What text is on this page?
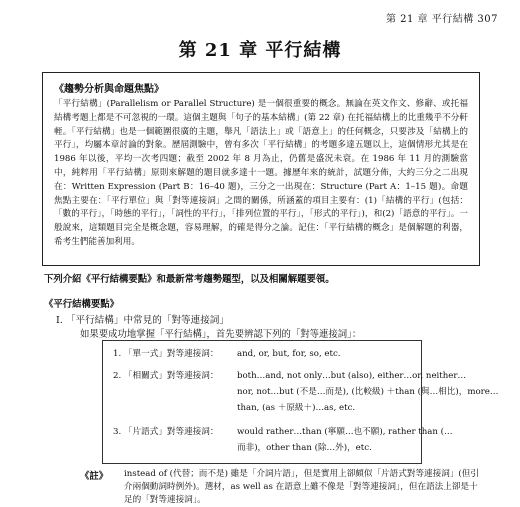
第 21 章 平行結構 307
第 21 章 平行結構
《趨勢分析與命題焦點》

「平行結構」(Parallelism or Parallel Structure) 是一個很重要的概念。無論在英文作文、修辭、或托福結構考題上都是不可忽視的一環。這個主題與「句子的基本結構」(第 22 章) 在托福結構上的比重幾乎不分軒輊。「平行結構」也是一個範圍很廣的主題，舉凡「語法上」或「語意上」的任何概念，只要涉及「結構上的平行」，均屬本章討論的對象。歷屆測驗中，曾有多次「平行結構」的考題多達五題以上，這個情形尤其是在 1986 年以後，平均一次考四題；截至 2002 年 8 月為止，仍舊是盛況未衰。在 1986 年 11 月的測驗當中，純粹用「平行結構」原則來解題的題目就多達十一題。據歷年來的統計，試題分佈，大約三分之二出現在：Written Expression (Part B：16–40 題)，三分之一出現在：Structure (Part A：1–15 題)。命題焦點主要在：「平行單位」與「對等連接詞」之間的關係，所涵蓋的項目主要有：(1)「結構的平行」(包括：「數的平行」，「時態的平行」，「詞性的平行」，「排列位置的平行」，「形式的平行」)，和(2)「語意的平行」。一般說來，這類題目完全是概念題，容易理解，的確是得分之論。記住：「平行結構的概念」是個解題的利器，希考生們能善加利用。

下列介紹《平行結構要點》和最新常考趨勢題型，以及相關解題要領。
《平行結構要點》
I. 「平行結構」中常見的「對等連接詞」
如果要成功地掌握「平行結構」，首先要辨認下列的「對等連接詞」：
1. 「單一式」對等連接詞： and, or, but, for, so, etc.
2. 「相關式」對等連接詞： both…and, not only…but (also), either…or, neither…
nor, not…but (不是…而是), (比較級) ＋than (與…相比)，more…
than, (as ＋原級＋)…as, etc.
3. 「片語式」對等連接詞： would rather…than (寧願…也不願), rather than (…
而非)，other than (除…外)，etc.
《註》 instead of (代替；而不是) 雖是「介詞片語」，但是實用上卻頗似「片語式對等連接詞」(但引介兩個動詞時例外)。選材，as well as 在語意上雖不像是「對等連接詞」，但在語法上卻是十足的「對等連接詞」。
